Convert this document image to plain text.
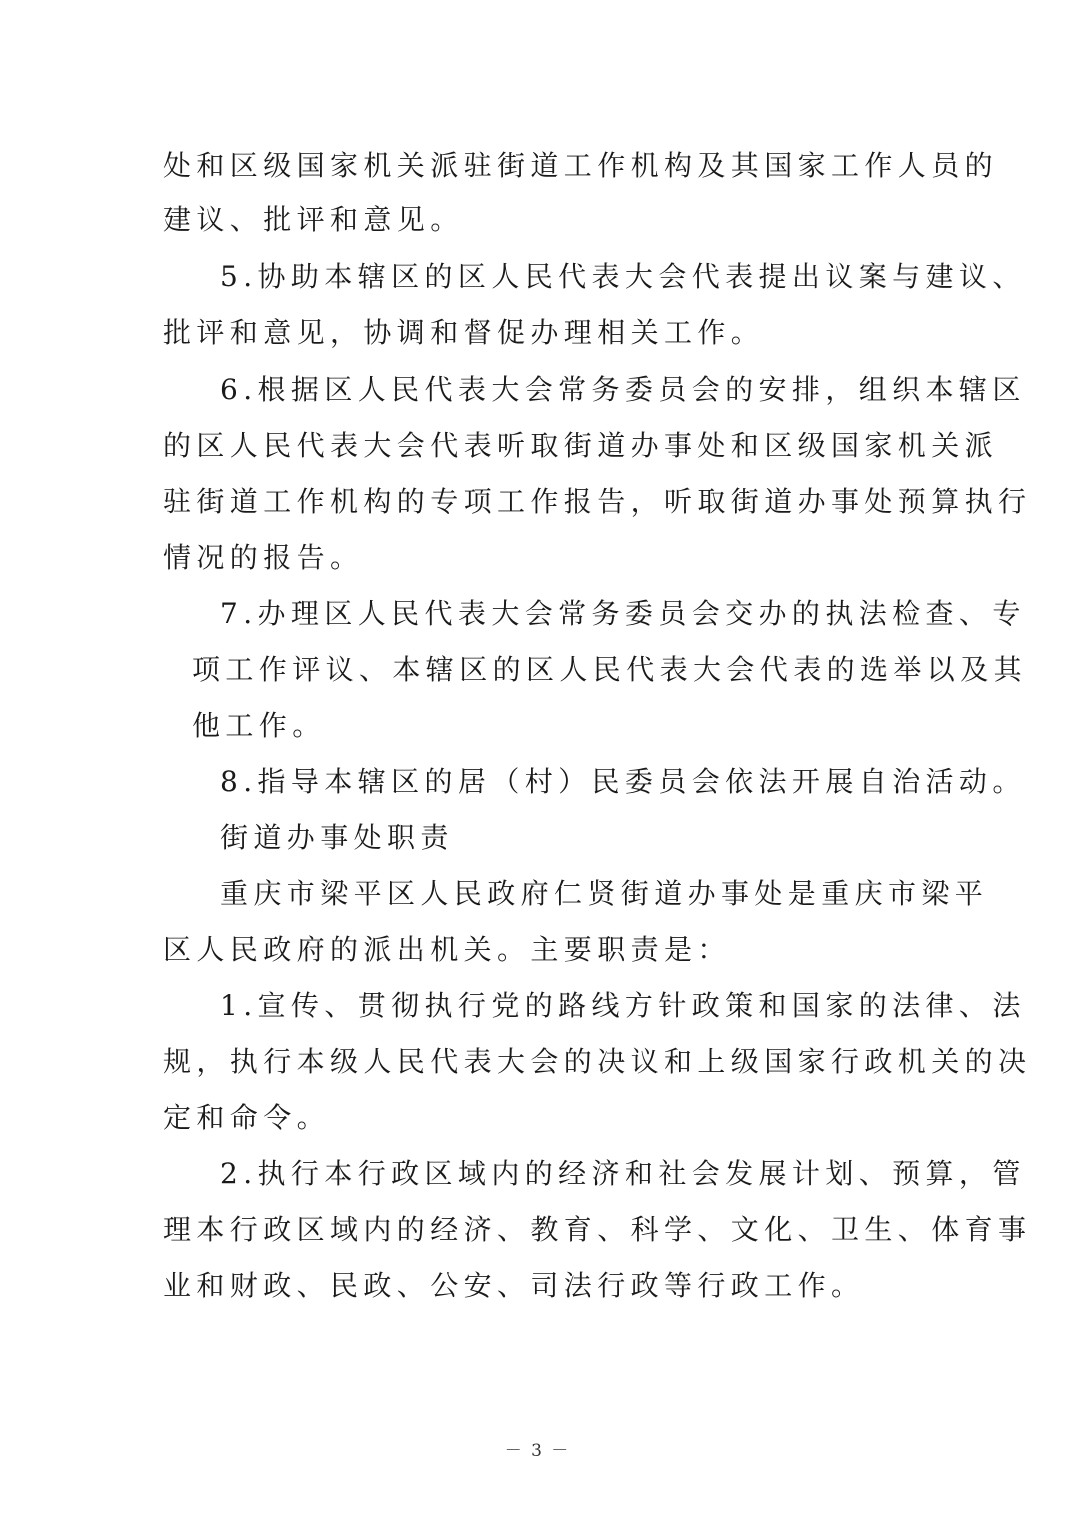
处和区级国家机关派驻街道工作机构及其国家工作人员的
建议、批评和意见。
5.协助本辖区的区人民代表大会代表提出议案与建议、
批评和意见，协调和督促办理相关工作。
6.根据区人民代表大会常务委员会的安排，组织本辖区
的区人民代表大会代表听取街道办事处和区级国家机关派
驻街道工作机构的专项工作报告，听取街道办事处预算执行
情况的报告。
7.办理区人民代表大会常务委员会交办的执法检查、专
项工作评议、本辖区的区人民代表大会代表的选举以及其
他工作。
8.指导本辖区的居（村）民委员会依法开展自治活动。
街道办事处职责
重庆市梁平区人民政府仁贤街道办事处是重庆市梁平
区人民政府的派出机关。主要职责是：
1.宣传、贯彻执行党的路线方针政策和国家的法律、法
规，执行本级人民代表大会的决议和上级国家行政机关的决
定和命令。
2.执行本行政区域内的经济和社会发展计划、预算，管
理本行政区域内的经济、教育、科学、文化、卫生、体育事
业和财政、民政、公安、司法行政等行政工作。
－ 3 －
